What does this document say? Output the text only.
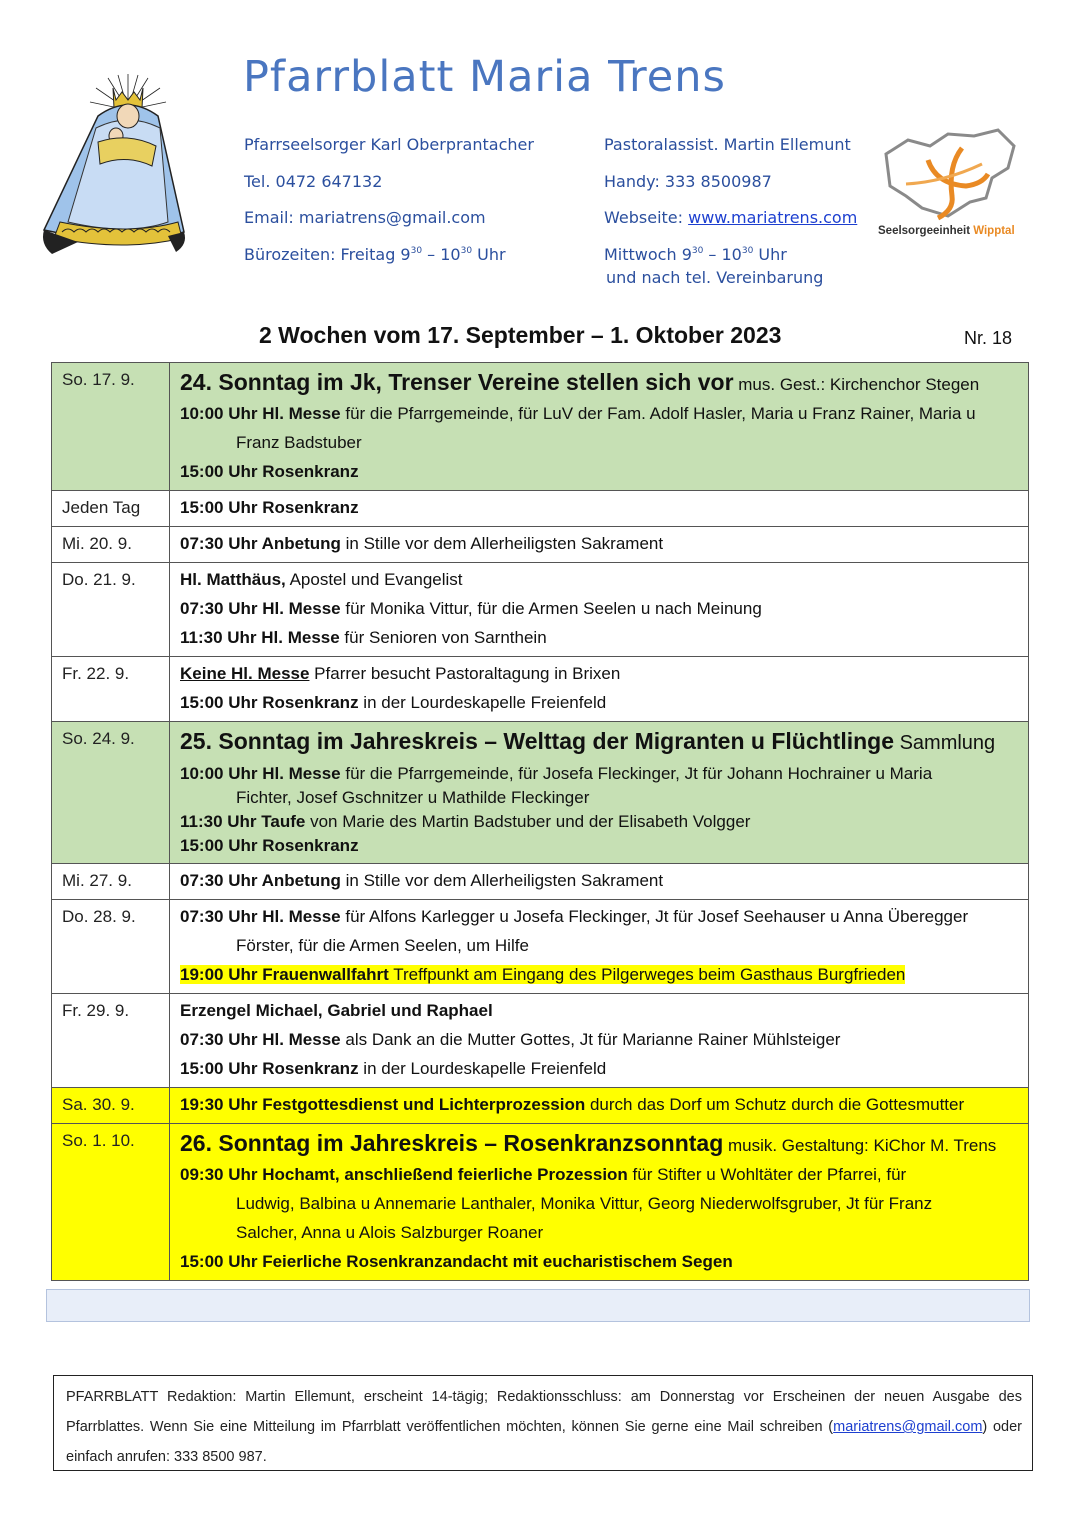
Pfarrblatt Maria Trens
Pfarrseelsorger Karl Oberprantacher
Tel. 0472 647132
Email: mariatrens@gmail.com
Bürozeiten: Freitag $9^{30} - 10^{30}$ Uhr
Pastoralassist. Martin Ellemunt
Handy: 333 8500987
Webseite: www.mariatrens.com
Mittwoch $9^{30} - 10^{30}$ Uhr
und nach tel. Vereinbarung
Seelsorgeeinheit Wipptal
2 Wochen vom 17. September – 1. Oktober 2023	Nr. 18
So. 17. 9.	24. Sonntag im Jk, Trenser Vereine stellen sich vor mus. Gest.: Kirchenchor Stegen
10:00 Uhr Hl. Messe für die Pfarrgemeinde, für LuV der Fam. Adolf Hasler, Maria u Franz Rainer, Maria u

Franz Badstuber
15:00 Uhr Rosenkranz
Jeden Tag	15:00 Uhr Rosenkranz
Mi. 20. 9.	07:30 Uhr Anbetung in Stille vor dem Allerheiligsten Sakrament
Do. 21. 9.	Hl. Matthäus, Apostel und Evangelist
07:30 Uhr Hl. Messe für Monika Vittur, für die Armen Seelen u nach Meinung
11:30 Uhr Hl. Messe für Senioren von Sarnthein
Fr. 22. 9.	Keine Hl. Messe Pfarrer besucht Pastoraltagung in Brixen
15:00 Uhr Rosenkranz in der Lourdeskapelle Freienfeld
So. 24. 9.	25. Sonntag im Jahreskreis – Welttag der Migranten u Flüchtlinge Sammlung
10:00 Uhr Hl. Messe für die Pfarrgemeinde, für Josefa Fleckinger, Jt für Johann Hochrainer u Maria

Fichter, Josef Gschnitzer u Mathilde Fleckinger
11:30 Uhr Taufe von Marie des Martin Badstuber und der Elisabeth Volgger
15:00 Uhr Rosenkranz
Mi. 27. 9.	07:30 Uhr Anbetung in Stille vor dem Allerheiligsten Sakrament
Do. 28. 9.	07:30 Uhr Hl. Messe für Alfons Karlegger u Josefa Fleckinger, Jt für Josef Seehauser u Anna Überegger

Förster, für die Armen Seelen, um Hilfe
19:00 Uhr Frauenwallfahrt Treffpunkt am Eingang des Pilgerweges beim Gasthaus Burgfrieden
Fr. 29. 9.	Erzengel Michael, Gabriel und Raphael
07:30 Uhr Hl. Messe als Dank an die Mutter Gottes, Jt für Marianne Rainer Mühlsteiger
15:00 Uhr Rosenkranz in der Lourdeskapelle Freienfeld
Sa. 30. 9.	19:30 Uhr Festgottesdienst und Lichterprozession durch das Dorf um Schutz durch die Gottesmutter
So. 1. 10.	26. Sonntag im Jahreskreis – Rosenkranzsonntag musik. Gestaltung: KiChor M. Trens
09:30 Uhr Hochamt, anschließend feierliche Prozession für Stifter u Wohltäter der Pfarrei, für

Ludwig, Balbina u Annemarie Lanthaler, Monika Vittur, Georg Niederwolfsgruber, Jt für Franz
Salcher, Anna u Alois Salzburger Roaner
15:00 Uhr Feierliche Rosenkranzandacht mit eucharistischem Segen
PFARRBLATT Redaktion: Martin Ellemunt, erscheint 14-tägig; Redaktionsschluss: am Donnerstag vor Erscheinen der neuen Ausgabe des Pfarrblattes. Wenn Sie eine Mitteilung im Pfarrblatt veröffentlichen möchten, können Sie gerne eine Mail schreiben (mariatrens@gmail.com) oder einfach anrufen: 333 8500 987.
